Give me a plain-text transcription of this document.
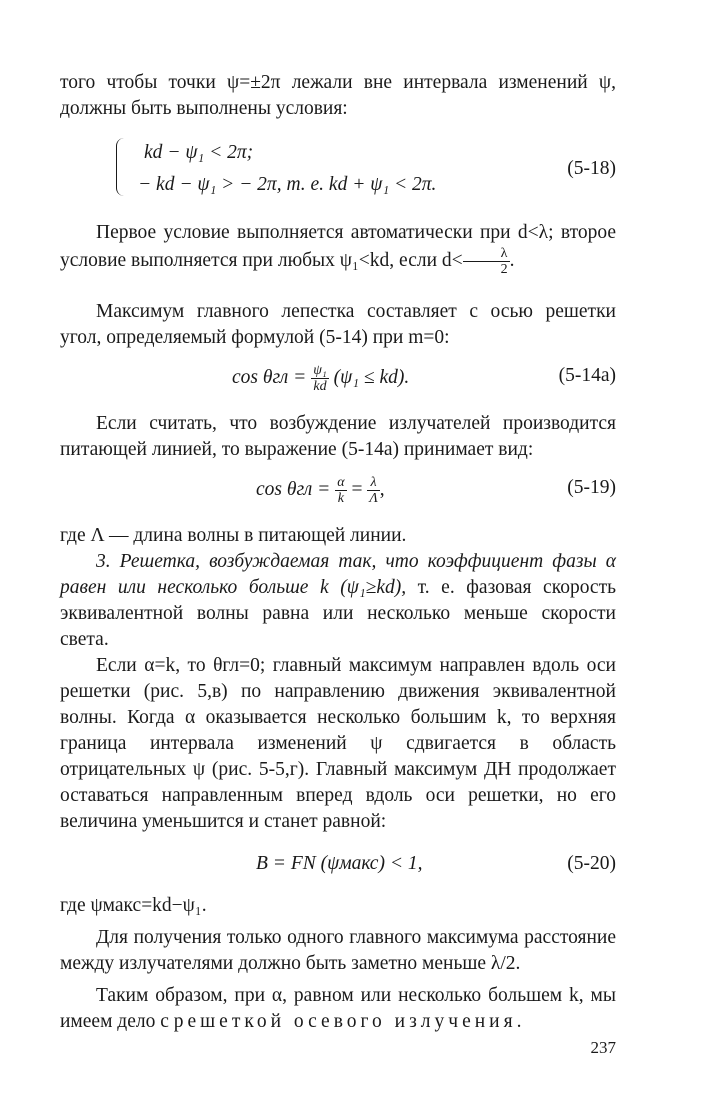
того чтобы точки ψ=±2π лежали вне интервала изменений ψ, должны быть выполнены условия:

kd − ψ₁ < 2π;
− kd − ψ₁ > − 2π, т. е. kd + ψ₁ < 2π.
(5-18)

Первое условие выполняется автоматически при d<λ; второе условие выполняется при любых ψ₁<kd, если $d< \frac{\lambda}{2}$ .

Максимум главного лепестка составляет с осью решетки угол, определяемый формулой (5-14) при m=0:

$\cos \theta гл = \frac{\text{ψ₁}}{kd} (\psi_1 \le kd)$.	(5-14a)

Если считать, что возбуждение излучателей производится питающей линией, то выражение (5-14a) принимает вид:

$\cos \theta гл = \frac{\alpha}{k} = \frac{\lambda}{\Lambda}$ ,	(5-19)

где Λ — длина волны в питающей линии.

3. Решетка, возбуждаемая так, что коэффициент фазы α равен или несколько больше k (ψ₁≥kd), т. е. фазовая скорость эквивалентной волны равна или несколько меньше скорости света.

Если α=k, то θгл=0; главный максимум направлен вдоль оси решетки (рис. 5,в) по направлению движения эквивалентной волны. Когда α оказывается несколько большим k, то верхняя граница интервала изменений ψ сдвигается в область отрицательных ψ (рис. 5-5,г). Главный максимум ДН продолжает оставаться направленным вперед вдоль оси решетки, но его величина уменьшится и станет равной:

B = FN (ψмакс) < 1,	(5-20)

где ψмакс=kd−ψ₁.

Для получения только одного главного максимума расстояние между излучателями должно быть заметно меньше λ/2.

Таким образом, при α, равном или несколько большем k, мы имеем дело с решеткой осевого излучения.

237
